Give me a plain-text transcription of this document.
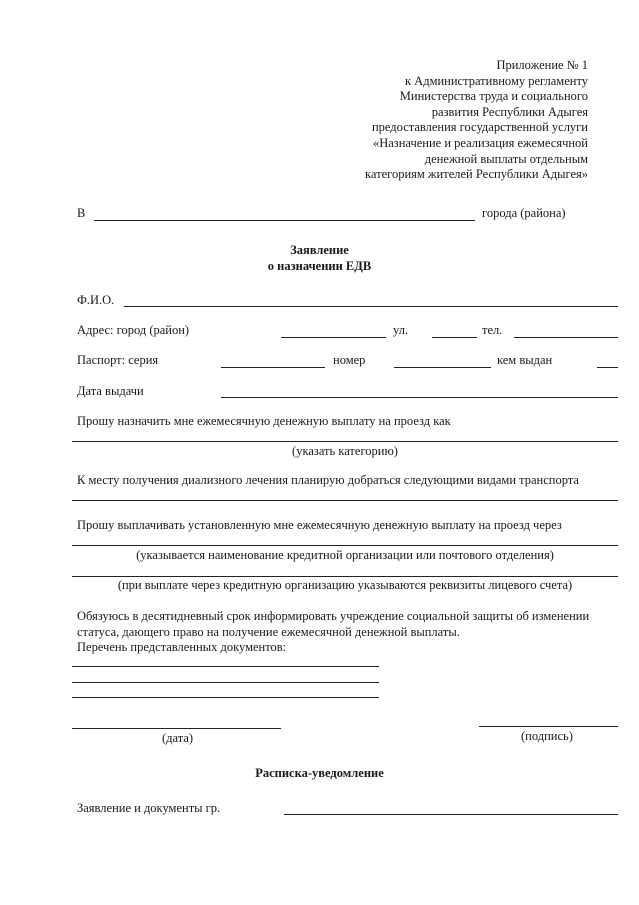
Приложение № 1
к Административному регламенту
Министерства труда и социального
развития Республики Адыгея
предоставления государственной услуги
«Назначение и реализация ежемесячной
денежной выплаты отдельным
категориям жителей Республики Адыгея»
В	города (района)
Заявление
о назначении ЕДВ
Ф.И.О.
Адрес: город (район)	ул.	тел.
Паспорт: серия	номер	кем выдан
Дата выдачи
Прошу назначить мне ежемесячную денежную выплату на проезд как
(указать категорию)
К месту получения диализного лечения планирую добраться следующими видами транспорта
Прошу выплачивать установленную мне ежемесячную денежную выплату на проезд через
(указывается наименование кредитной организации или почтового отделения)
(при выплате через кредитную организацию указываются реквизиты лицевого счета)
Обязуюсь в десятидневный срок информировать учреждение социальной защиты об изменении
статуса, дающего право на получение ежемесячной денежной выплаты.
Перечень представленных документов:
(дата)	(подпись)
Расписка-уведомление
Заявление и документы гр.
